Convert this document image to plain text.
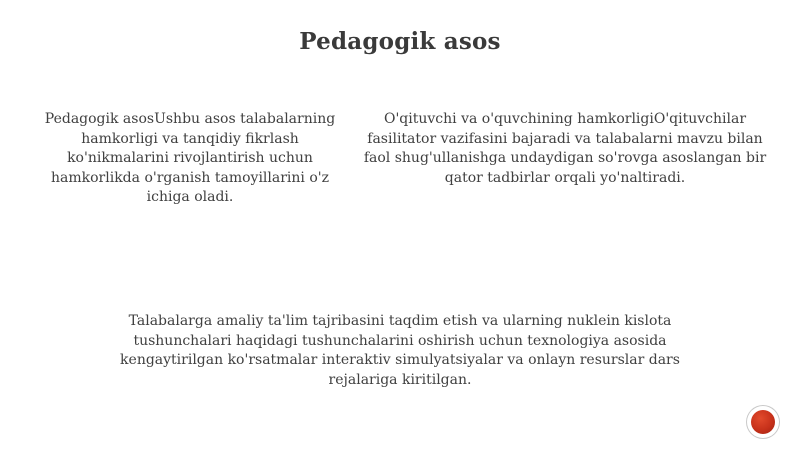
Pedagogik asos
Pedagogik asosUshbu asos talabalarning hamkorligi va tanqidiy fikrlash ko'nikmalarini rivojlantirish uchun hamkorlikda o'rganish tamoyillarini o'z ichiga oladi.
O'qituvchi va o'quvchining hamkorligiO'qituvchilar fasilitator vazifasini bajaradi va talabalarni mavzu bilan faol shug'ullanishga undaydigan so'rovga asoslangan bir qator tadbirlar orqali yo'naltiradi.
Talabalarga amaliy ta'lim tajribasini taqdim etish va ularning nuklein kislota tushunchalari haqidagi tushunchalarini oshirish uchun texnologiya asosida kengaytirilgan ko'rsatmalar interaktiv simulyatsiyalar va onlayn resurslar dars rejalariga kiritilgan.
